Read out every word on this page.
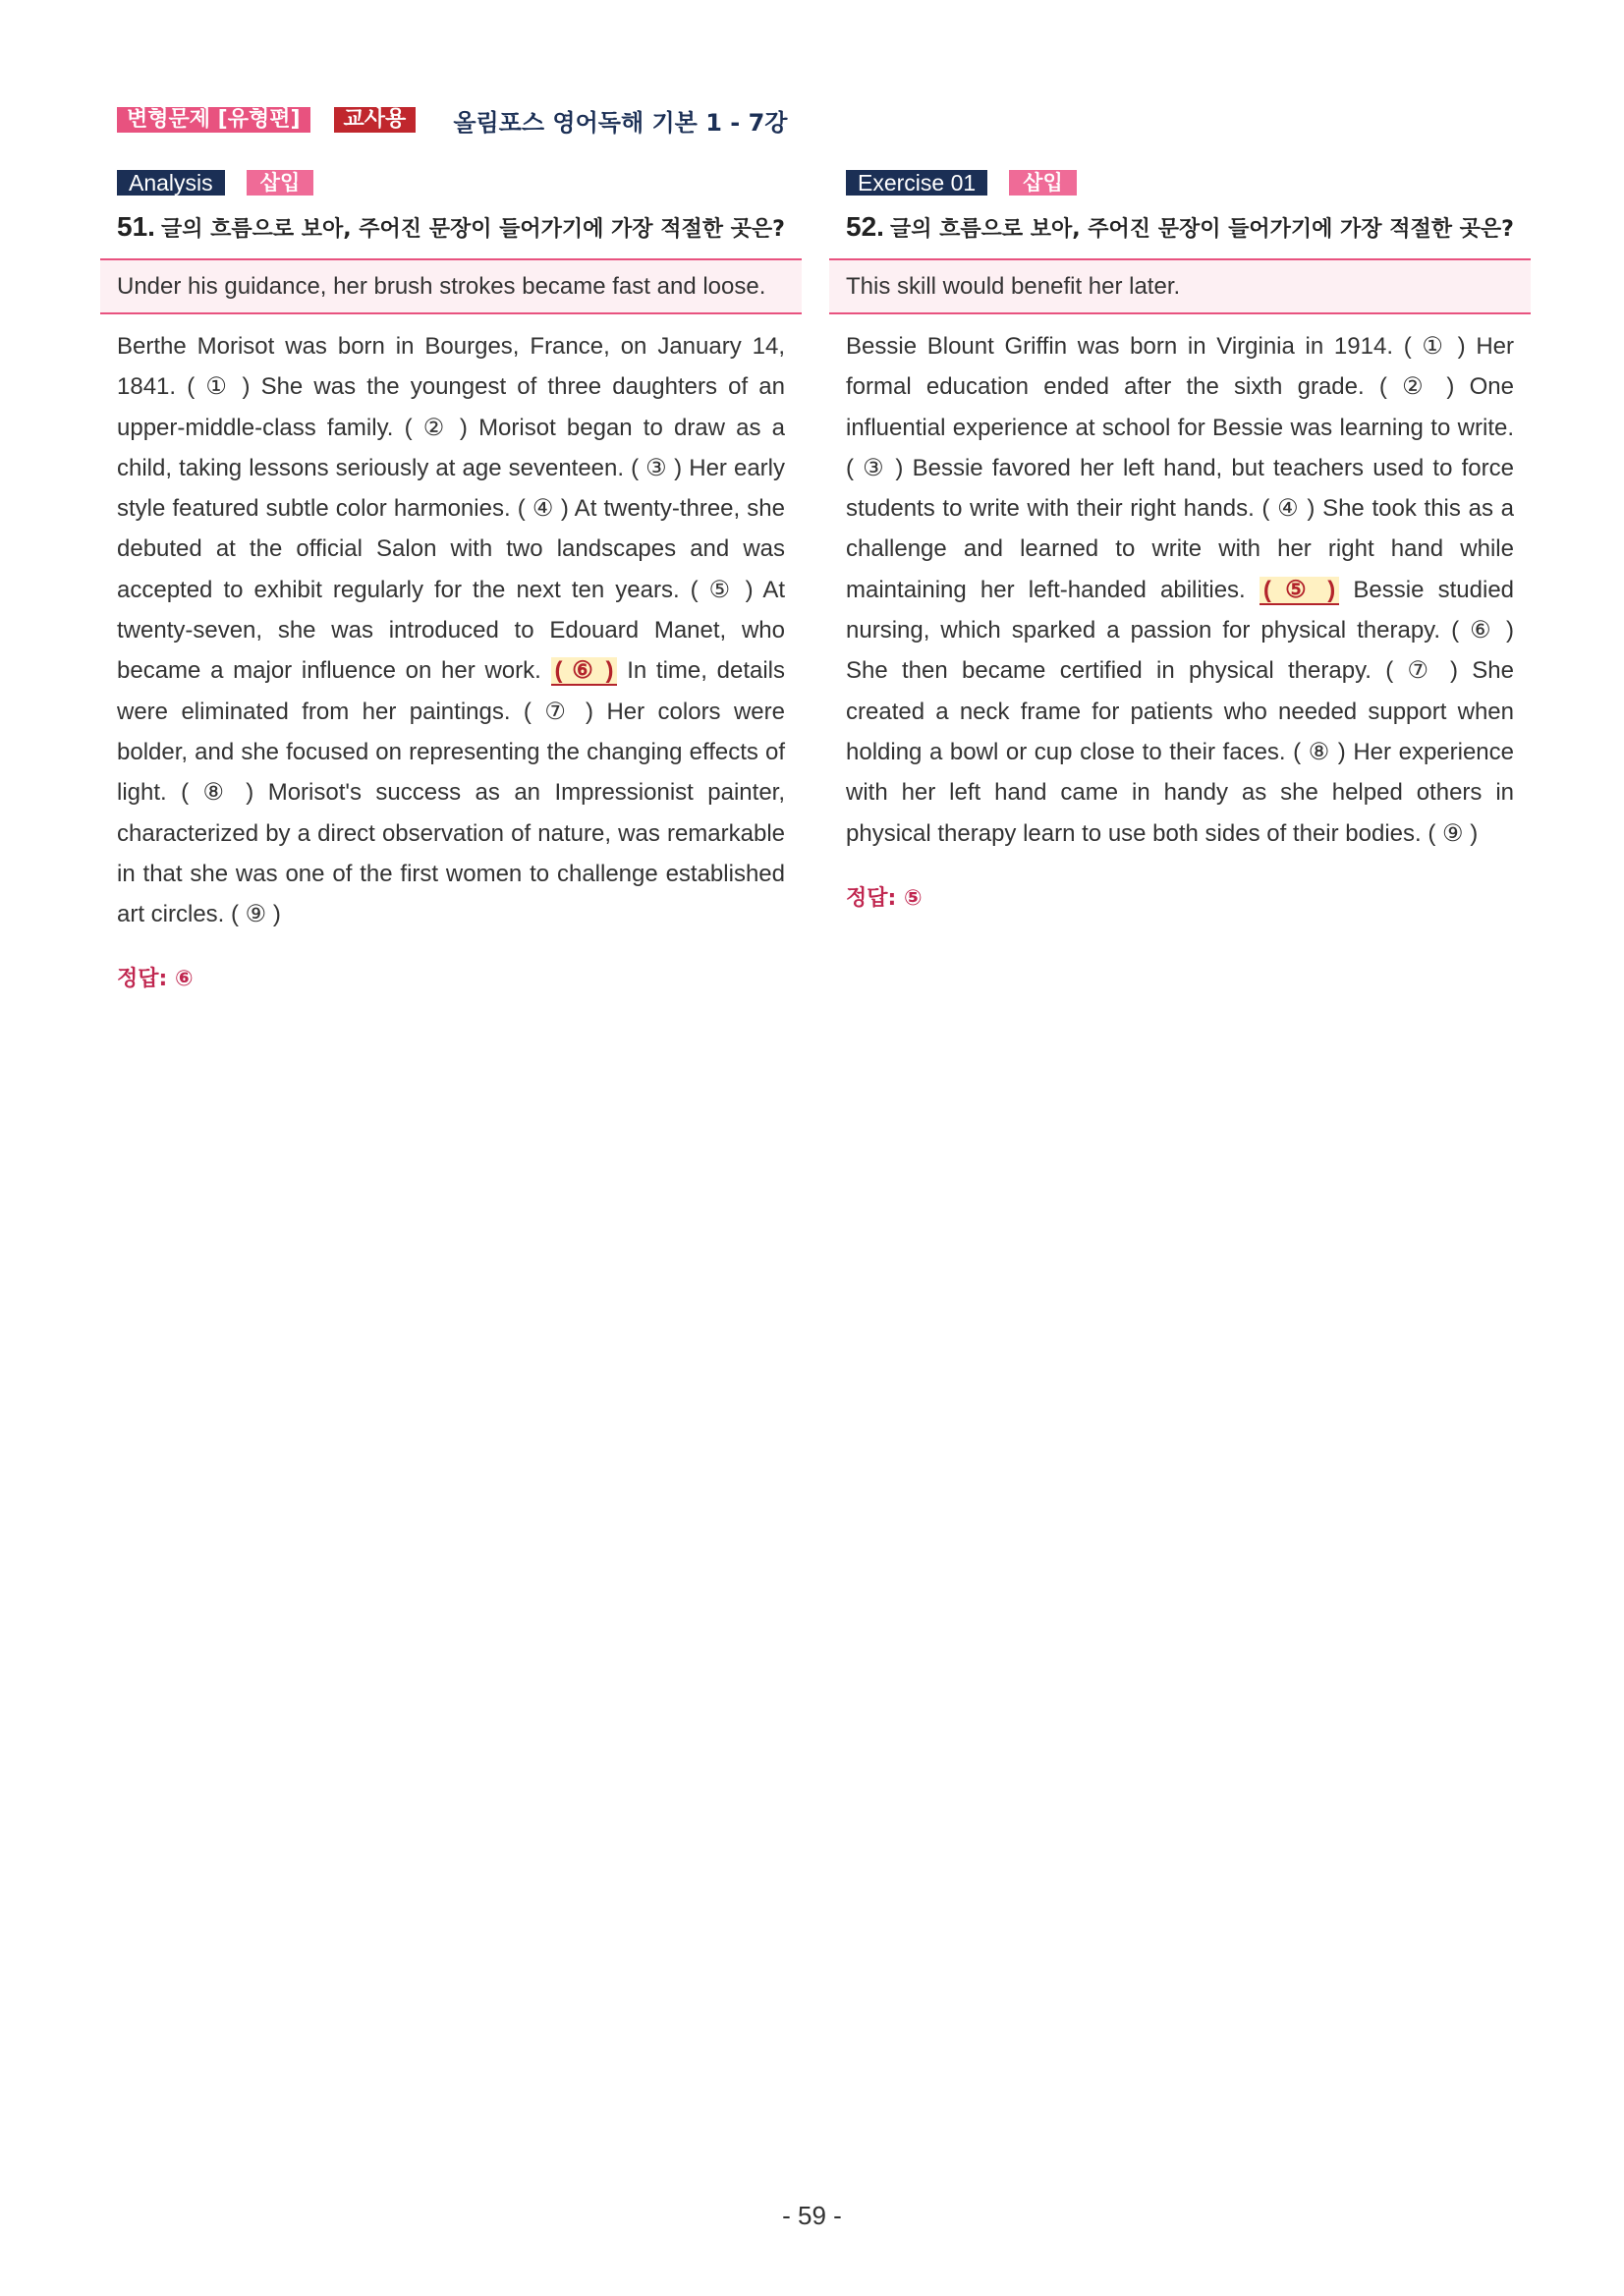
변형문제 [유형편]	교사용	올림포스 영어독해 기본 1 - 7강
Analysis	삽입
51. 글의 흐름으로 보아, 주어진 문장이 들어가기에 가장 적절한 곳은?

Under his guidance, her brush strokes became fast and loose.

Berthe Morisot was born in Bourges, France, on January 14, 1841. ( ① ) She was the youngest of three daughters of an upper-middle-class family. ( ② ) Morisot began to draw as a child, taking lessons seriously at age seventeen. ( ③ ) Her early style featured subtle color harmonies. ( ④ ) At twenty-three, she debuted at the official Salon with two landscapes and was accepted to exhibit regularly for the next ten years. ( ⑤ ) At twenty-seven, she was introduced to Edouard Manet, who became a major influence on her work. ( ⑥ ) In time, details were eliminated from her paintings. ( ⑦ ) Her colors were bolder, and she focused on representing the changing effects of light. ( ⑧ ) Morisot's success as an Impressionist painter, characterized by a direct observation of nature, was remarkable in that she was one of the first women to challenge established art circles. ( ⑨ )
정답: ⑥
Exercise 01	삽입
52. 글의 흐름으로 보아, 주어진 문장이 들어가기에 가장 적절한 곳은?

This skill would benefit her later.

Bessie Blount Griffin was born in Virginia in 1914. ( ① ) Her formal education ended after the sixth grade. ( ② ) One influential experience at school for Bessie was learning to write. ( ③ ) Bessie favored her left hand, but teachers used to force students to write with their right hands. ( ④ ) She took this as a challenge and learned to write with her right hand while maintaining her left-handed abilities. ( ⑤ ) Bessie studied nursing, which sparked a passion for physical therapy. ( ⑥ ) She then became certified in physical therapy. ( ⑦ ) She created a neck frame for patients who needed support when holding a bowl or cup close to their faces. ( ⑧ ) Her experience with her left hand came in handy as she helped others in physical therapy learn to use both sides of their bodies. ( ⑨ )
정답: ⑤
- 59 -
